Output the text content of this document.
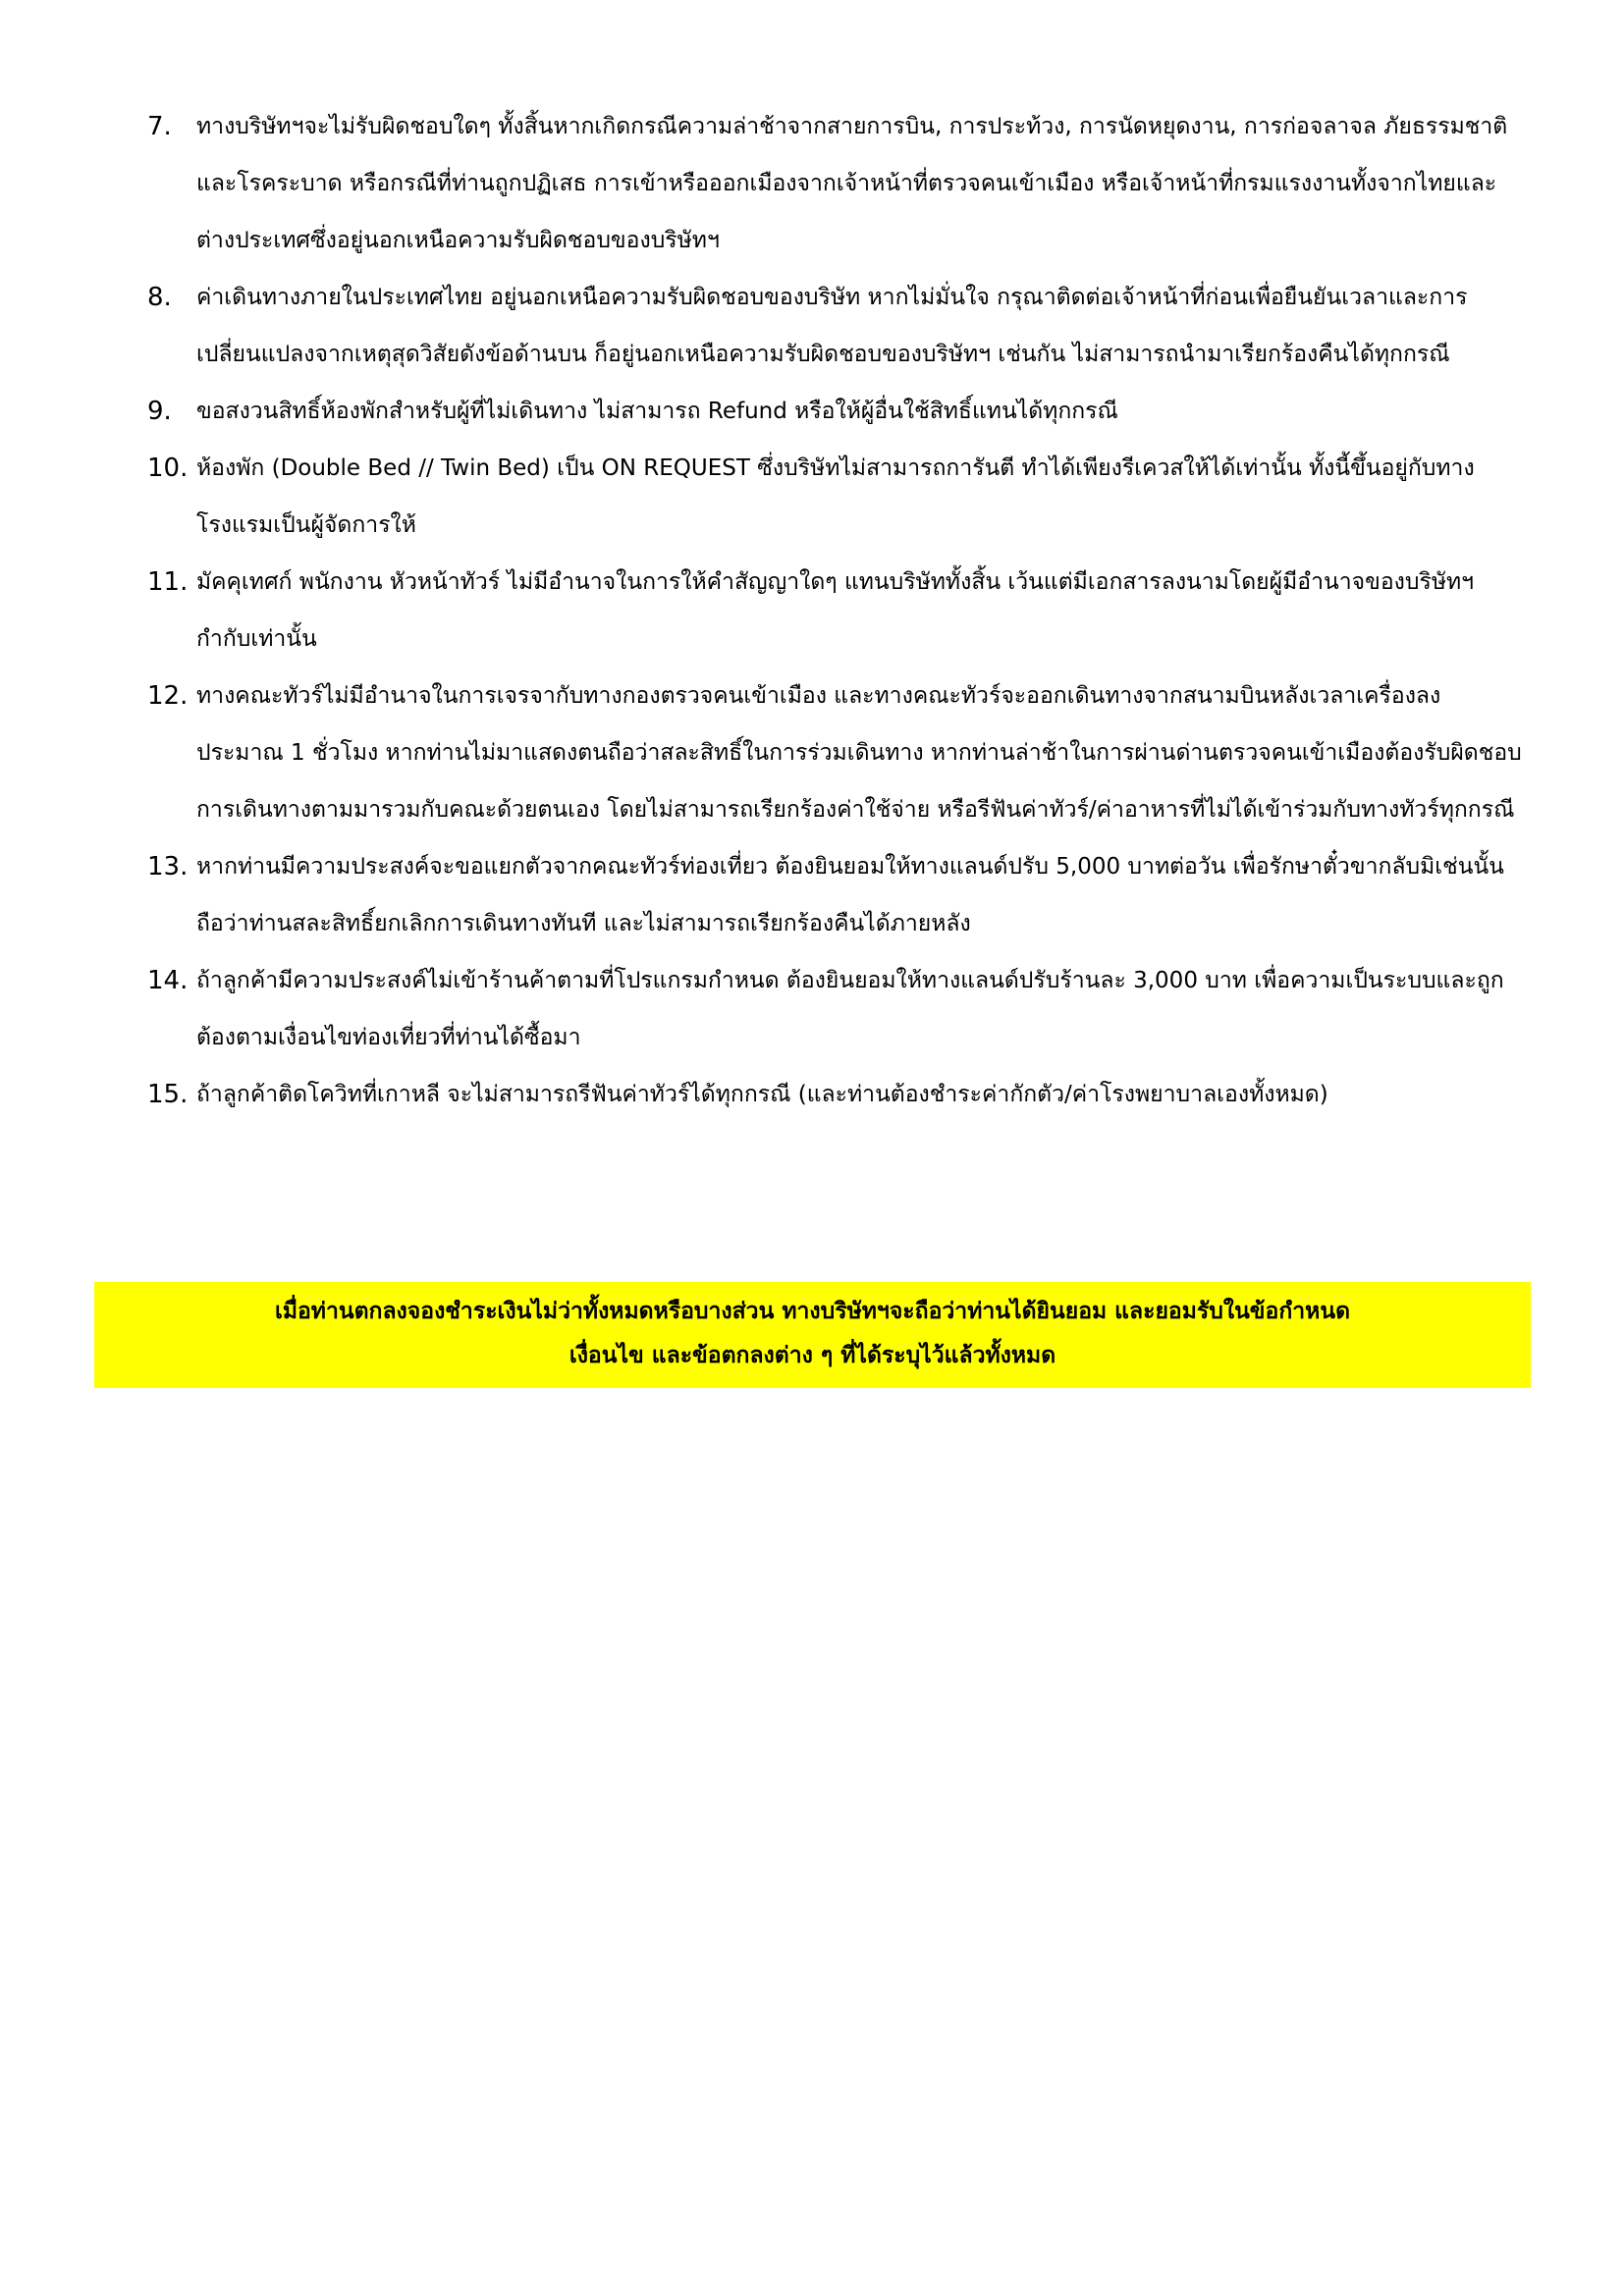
7.	ทางบริษัทฯจะไม่รับผิดชอบใดๆ ทั้งสิ้นหากเกิดกรณีความล่าช้าจากสายการบิน, การประท้วง, การนัดหยุดงาน, การก่อจลาจล ภัยธรรมชาติ และโรคระบาด หรือกรณีที่ท่านถูกปฏิเสธ การเข้าหรือออกเมืองจากเจ้าหน้าที่ตรวจคนเข้าเมือง หรือเจ้าหน้าที่กรมแรงงานทั้งจากไทยและต่างประเทศซึ่งอยู่นอกเหนือความรับผิดชอบของบริษัทฯ
8.	ค่าเดินทางภายในประเทศไทย อยู่นอกเหนือความรับผิดชอบของบริษัท หากไม่มั่นใจ กรุณาติดต่อเจ้าหน้าที่ก่อนเพื่อยืนยันเวลาและการเปลี่ยนแปลงจากเหตุสุดวิสัยดังข้อด้านบน ก็อยู่นอกเหนือความรับผิดชอบของบริษัทฯ เช่นกัน ไม่สามารถนำมาเรียกร้องคืนได้ทุกกรณี
9.	ขอสงวนสิทธิ์ห้องพักสำหรับผู้ที่ไม่เดินทาง ไม่สามารถ Refund หรือให้ผู้อื่นใช้สิทธิ์แทนได้ทุกกรณี
10. ห้องพัก (Double Bed // Twin Bed) เป็น ON REQUEST ซึ่งบริษัทไม่สามารถการันตี ทำได้เพียงรีเควสให้ได้เท่านั้น ทั้งนี้ขึ้นอยู่กับทางโรงแรมเป็นผู้จัดการให้
11. มัคคุเทศก์ พนักงาน หัวหน้าทัวร์ ไม่มีอำนาจในการให้คำสัญญาใดๆ แทนบริษัททั้งสิ้น เว้นแต่มีเอกสารลงนามโดยผู้มีอำนาจของบริษัทฯกำกับเท่านั้น
12. ทางคณะทัวร์ไม่มีอำนาจในการเจรจากับทางกองตรวจคนเข้าเมือง และทางคณะทัวร์จะออกเดินทางจากสนามบินหลังเวลาเครื่องลงประมาณ 1 ชั่วโมง หากท่านไม่มาแสดงตนถือว่าสละสิทธิ์ในการร่วมเดินทาง หากท่านล่าช้าในการผ่านด่านตรวจคนเข้าเมืองต้องรับผิดชอบการเดินทางตามมารวมกับคณะด้วยตนเอง โดยไม่สามารถเรียกร้องค่าใช้จ่าย หรือรีฟันค่าทัวร์/ค่าอาหารที่ไม่ได้เข้าร่วมกับทางทัวร์ทุกกรณี
13. หากท่านมีความประสงค์จะขอแยกตัวจากคณะทัวร์ท่องเที่ยว ต้องยินยอมให้ทางแลนด์ปรับ 5,000 บาทต่อวัน เพื่อรักษาตั๋วขากลับมิเช่นนั้นถือว่าท่านสละสิทธิ์ยกเลิกการเดินทางทันที และไม่สามารถเรียกร้องคืนได้ภายหลัง
14. ถ้าลูกค้ามีความประสงค์ไม่เข้าร้านค้าตามที่โปรแกรมกำหนด ต้องยินยอมให้ทางแลนด์ปรับร้านละ 3,000 บาท เพื่อความเป็นระบบและถูกต้องตามเงื่อนไขท่องเที่ยวที่ท่านได้ซื้อมา
15. ถ้าลูกค้าติดโควิทที่เกาหลี จะไม่สามารถรีฟันค่าทัวร์ได้ทุกกรณี (และท่านต้องชำระค่ากักตัว/ค่าโรงพยาบาลเองทั้งหมด)
เมื่อท่านตกลงจองชำระเงินไม่ว่าทั้งหมดหรือบางส่วน ทางบริษัทฯจะถือว่าท่านได้ยินยอม และยอมรับในข้อกำหนด
เงื่อนไข และข้อตกลงต่าง ๆ ที่ได้ระบุไว้แล้วทั้งหมด
